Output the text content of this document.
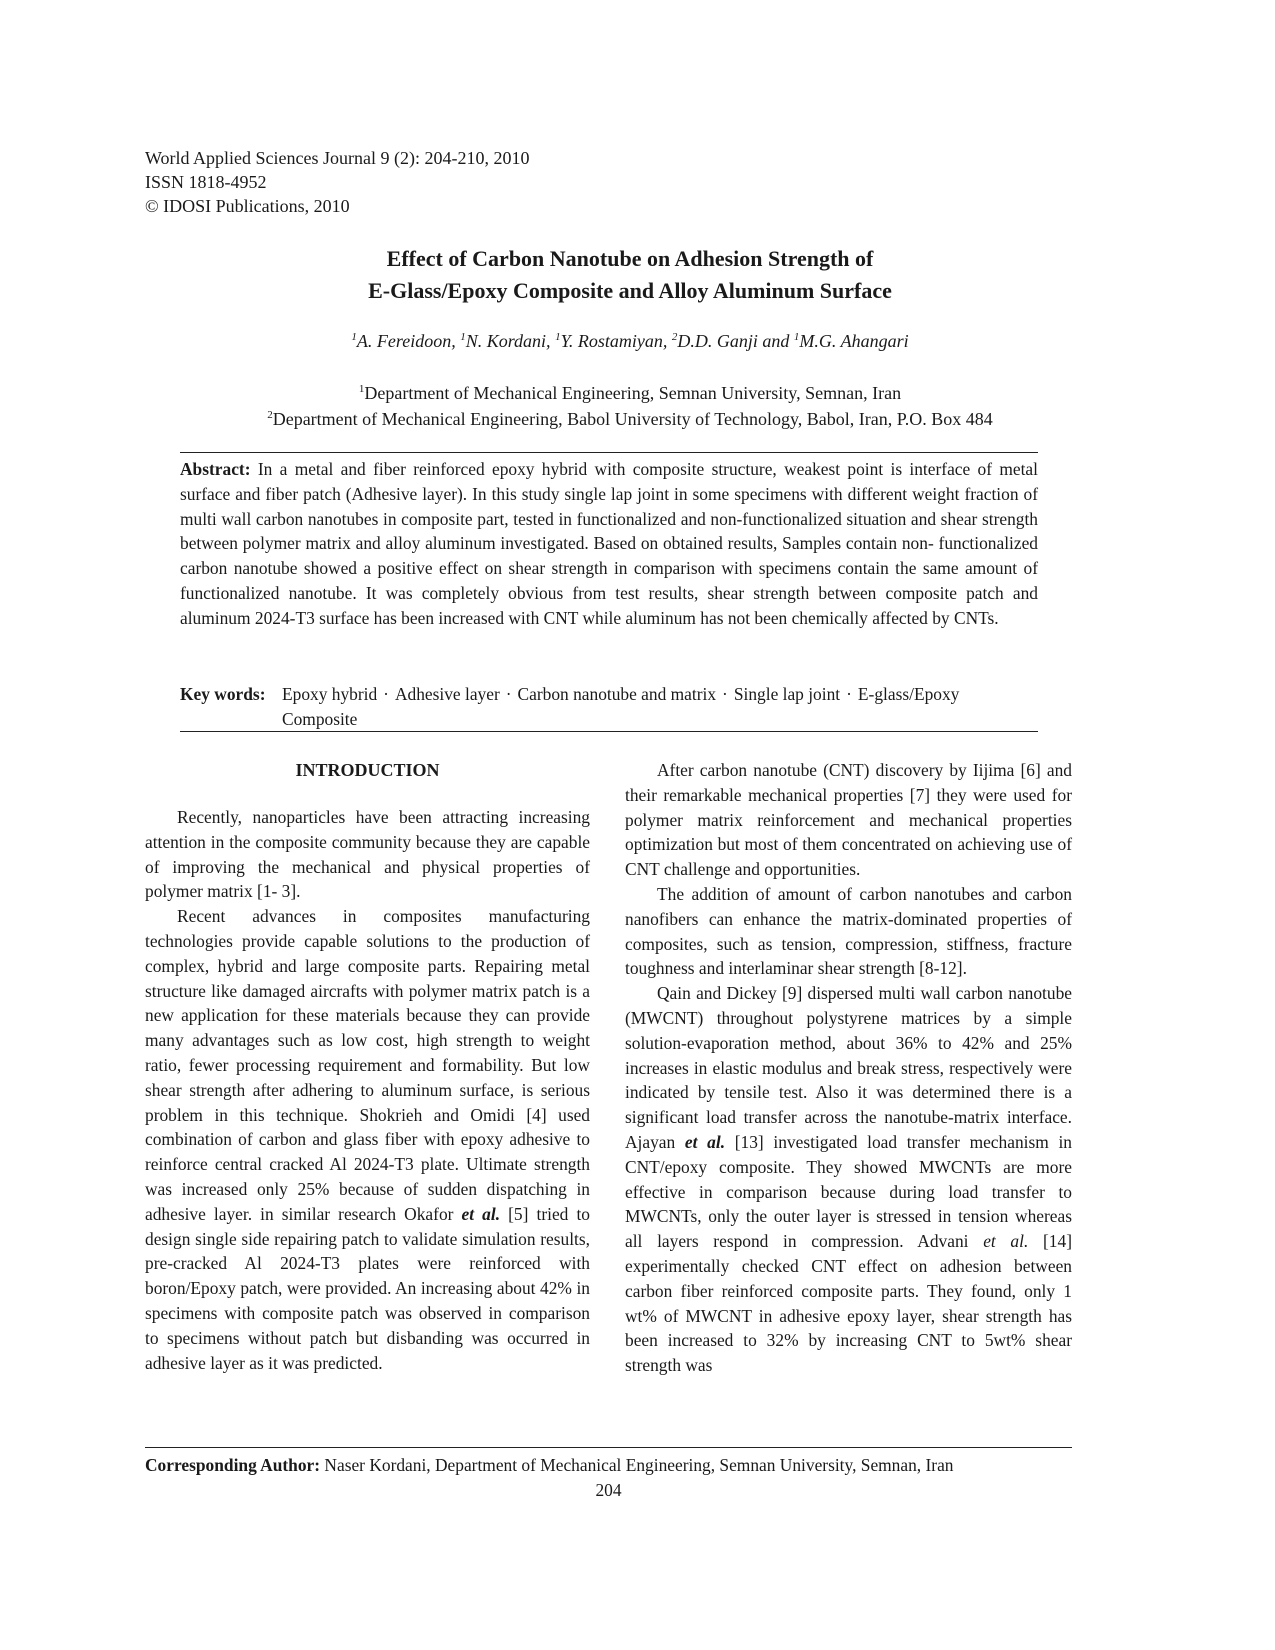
World Applied Sciences Journal 9 (2): 204-210, 2010
ISSN 1818-4952
© IDOSI Publications, 2010
Effect of Carbon Nanotube on Adhesion Strength of
E-Glass/Epoxy Composite and Alloy Aluminum Surface
$^1$A. Fereidoon, $^1$N. Kordani, $^1$Y. Rostamiyan, $^2$D.D. Ganji and $^1$M.G. Ahangari
$^1$Department of Mechanical Engineering, Semnan University, Semnan, Iran
$^2$Department of Mechanical Engineering, Babol University of Technology, Babol, Iran, P.O. Box 484
Abstract: In a metal and fiber reinforced epoxy hybrid with composite structure, weakest point is interface of metal surface and fiber patch (Adhesive layer). In this study single lap joint in some specimens with different weight fraction of multi wall carbon nanotubes in composite part, tested in functionalized and non-functionalized situation and shear strength between polymer matrix and alloy aluminum investigated. Based on obtained results, Samples contain non- functionalized carbon nanotube showed a positive effect on shear strength in comparison with specimens contain the same amount of functionalized nanotube. It was completely obvious from test results, shear strength between composite patch and aluminum 2024-T3 surface has been increased with CNT while aluminum has not been chemically affected by CNTs.
Key words: Epoxy hybrid · Adhesive layer · Carbon nanotube and matrix · Single lap joint · E-glass/Epoxy Composite
INTRODUCTION

Recently, nanoparticles have been attracting increasing attention in the composite community because they are capable of improving the mechanical and physical properties of polymer matrix [1- 3].

Recent advances in composites manufacturing technologies provide capable solutions to the production of complex, hybrid and large composite parts. Repairing metal structure like damaged aircrafts with polymer matrix patch is a new application for these materials because they can provide many advantages such as low cost, high strength to weight ratio, fewer processing requirement and formability. But low shear strength after adhering to aluminum surface, is serious problem in this technique. Shokrieh and Omidi [4] used combination of carbon and glass fiber with epoxy adhesive to reinforce central cracked Al 2024-T3 plate. Ultimate strength was increased only 25% because of sudden dispatching in adhesive layer. in similar research Okafor et al. [5] tried to design single side repairing patch to validate simulation results, pre-cracked Al 2024-T3 plates were reinforced with boron/Epoxy patch, were provided. An increasing about 42% in specimens with composite patch was observed in comparison to specimens without patch but disbanding was occurred in adhesive layer as it was predicted.

After carbon nanotube (CNT) discovery by Iijima [6] and their remarkable mechanical properties [7] they were used for polymer matrix reinforcement and mechanical properties optimization but most of them concentrated on achieving use of CNT challenge and opportunities.

The addition of amount of carbon nanotubes and carbon nanofibers can enhance the matrix-dominated properties of composites, such as tension, compression, stiffness, fracture toughness and interlaminar shear strength [8-12].

Qain and Dickey [9] dispersed multi wall carbon nanotube (MWCNT) throughout polystyrene matrices by a simple solution-evaporation method, about 36% to 42% and 25% increases in elastic modulus and break stress, respectively were indicated by tensile test. Also it was determined there is a significant load transfer across the nanotube-matrix interface. Ajayan et al. [13] investigated load transfer mechanism in CNT/epoxy composite. They showed MWCNTs are more effective in comparison because during load transfer to MWCNTs, only the outer layer is stressed in tension whereas all layers respond in compression. Advani et al. [14] experimentally checked CNT effect on adhesion between carbon fiber reinforced composite parts. They found, only 1 wt% of MWCNT in adhesive epoxy layer, shear strength has been increased to 32% by increasing CNT to 5wt% shear strength was

Corresponding Author: Naser Kordani, Department of Mechanical Engineering, Semnan University, Semnan, Iran
204
